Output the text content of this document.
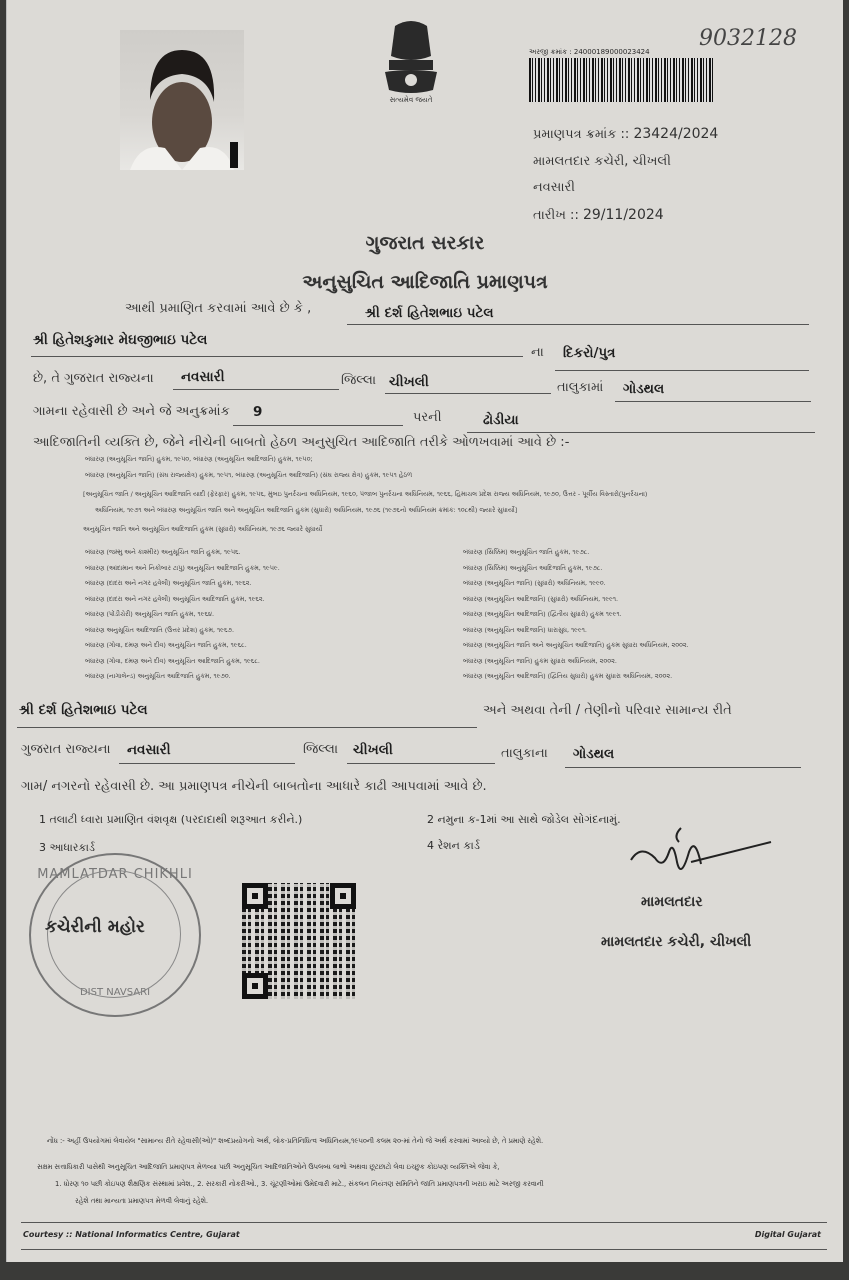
સત્યમેવ જયતે
9032128
અરજી ક્રમાંક : 24000189000023424
પ્રમાણપત્ર ક્રમાંક :: 23424/2024
મામલતદાર કચેરી, ચીખલી
નવસારી
તારીખ :: 29/11/2024
ગુજરાત સરકાર
અનુસુચિત આદિજાતિ પ્રમાણપત્ર
આથી પ્રમાણિત કરવામાં આવે છે કે ,	શ્રી દર્શ હિતેશભાઇ પટેલ
શ્રી હિતેશકુમાર મેઘજીભાઇ પટેલ
ના દિકરો/પુત્ર
છે, તે ગુજરાત રાજ્યના નવસારી	જિલ્લા ચીખલી	તાલુકામાં ગોડથલ
ગામના રહેવાસી છે અને જે અનુક્રમાંક 9	પરની	ઢોડીયા
આદિજાતિની વ્યક્તિ છે, જેને નીચેની બાબતો હેઠળ અનુસુચિત આદિજાતિ તરીકે ઓળખવામાં આવે છે :-
બંધારણ (અનુસૂચિત જાતિ) હુકમ, ૧૯૫૦, બંધારણ (અનુસૂચિત આદિજાતિ) હુકમ, ૧૯૫૦;
બંધારણ (અનુસૂચિત જાતિ) (સંઘ રાજ્યક્ષેત્ર) હુકમ, ૧૯૫૧, બંધારણ (અનુસૂચિત આદિજાતિ) (સંઘ રાજ્ય ક્ષેત્ર) હુકમ, ૧૯૫૧ હેઠળ
[અનુસૂચિત જાતિ / અનુસૂચિત આદિજાતિ યાદી (ફેરફાર) હુકમ, ૧૯૫૬, મુંબઇ પુનર્રચના અધિનિયમ, ૧૯૬૦, પંજાબ પુનર્રચના અધિનિયમ, ૧૯૬૬, હિમાચલ પ્રદેશ રાજ્ય અધિનિયમ, ૧૯૭૦, ઉત્તર - પૂર્વીય વિસ્તારો(પુનર્રચના)
અધિનિયમ, ૧૯૭૧ અને બંધારણ અનુસૂચિત જાતિ અને અનુસૂચિત આદિજાતિ હુકમ (સુધારો) અધિનિયમ, ૧૯૭૬ (૧૯૭૬નો અધિનિયમ ક્રમાંક: ૧૦૮થી) જ્યારે સુધાર્યો]
અનુસૂચિત જાતિ અને અનુસૂચિત આદિજાતિ હુકમ (સુધારો) અધિનિયમ, ૧૯૭૬ જ્યારે સુધાર્યો
બંધારણ (જમ્મુ અને કાશ્મીર) અનુસૂચિત જાતિ હુકમ, ૧૯૫૬.
બંધારણ (આંદામાન અને નિકોબાર ટાપુ) અનુસૂચિત આદિજાતિ હુકમ, ૧૯૫૯.
બંધારણ (દાદરા અને નગર હવેલી) અનુસૂચિત જાતિ હુકમ, ૧૯૬૨.
બંધારણ (દાદરા અને નગર હવેલી) અનુસૂચિત આદિજાતિ હુકમ, ૧૯૬૨.
બંધારણ (પોંડીચેરી) અનુસૂચિત જાતિ હુકમ, ૧૯૬૪.
બંધારણ અનુસૂચિત આદિજાતિ (ઉત્તર પ્રદેશ) હુકમ, ૧૯૬૭.
બંધારણ (ગોવા, દમણ અને દીવ) અનુસૂચિત જાતિ હુકમ, ૧૯૬૮.
બંધારણ (ગોવા, દમણ અને દીવ) અનુસૂચિત આદિજાતિ હુકમ, ૧૯૬૮.
બંધારણ (નાગાલેન્ડ) અનુસૂચિત આદિજાતિ હુકમ, ૧૯૭૦.
બંધારણ (સિક્કિમ) અનુસૂચિત જાતિ હુકમ, ૧૯૭૮.
બંધારણ (સિક્કિમ) અનુસૂચિત આદિજાતિ હુકમ, ૧૯૭૮.
બંધારણ (અનુસૂચિત જાતિ) (સુધારો) અધિનિયમ, ૧૯૯૦.
બંધારણ (અનુસૂચિત આદિજાતિ) (સુધારો) અધિનિયમ, ૧૯૯૧.
બંધારણ (અનુસૂચિત આદિજાતિ) (દ્વિતીય સુધારો) હુકમ ૧૯૯૧.
બંધારણ (અનુસૂચિત આદિજાતિ) ધારાસુધ, ૧૯૯૧.
બંધારણ (અનુસૂચિત જાતિ અને અનુસૂચિત આદિજાતિ) હુકમ સુધારા અધિનિયમ, ૨૦૦૨.
બંધારણ (અનુસૂચિત જાતિ) હુકમ સુધારા અધિનિયમ, ૨૦૦૨.
બંધારણ (અનુસૂચિત આદિજાતિ) (દ્વિતિય સુધારો) હુકમ સુધારા અધિનિયમ, ૨૦૦૨.
શ્રી દર્શ હિતેશભાઇ પટેલ	અને અથવા તેની / તેણીનો પરિવાર સામાન્ય રીતે
ગુજરાત રાજ્યના નવસારી	જિલ્લા ચીખલી	તાલુકાના ગોડથલ
ગામ/ નગરનો રહેવાસી છે. આ પ્રમાણપત્ર નીચેની બાબતોના આધારે કાઢી આપવામાં આવે છે.
1 તલાટી ધ્વારા પ્રમાણિત વંશવૃક્ષ (પરદાદાથી શરૂઆત કરીને.)	2 નમુના ક-1માં આ સાથે જોડેલ સોગંદનામું.
3 આધારકાર્ડ	4 રેશન કાર્ડ
MAMLATDAR CHIKHLI
DIST NAVSARI
કચેરીની મહોર
મામલતદાર
મામલતદાર કચેરી, ચીખલી
નોંધ :- અહીં ઉપયોગમાં લેવાયેલ "સામાન્ય રીતે રહેવાસી(ઓ)" શબ્દપ્રયોગનો અર્થ, લોક-પ્રતિનિધિત્વ અધિનિયમ,૧૯૫૦ની કલમ ૨૦-માં તેનો જે અર્થ કરવામાં આવ્યો છે, તે પ્રમાણે રહેશે.
સક્ષમ સત્તાધિકારી પાસેથી અનુસૂચિત આદિજાતિ પ્રમાણપત્ર મેળવ્યા પછી અનુસૂચિત આદિજાતિઓને ઉપલબ્ધ લાભો અથવા છૂટછાટો લેવા ઇચ્છુક કોઇપણ વ્યક્તિએ જેવા કે,
1. ધોરણ ૧૦ પછી કોઇપણ શૈક્ષણિક સંસ્થામાં પ્રવેશ., 2. સરકારી નોકરીઓ., 3. ચૂંટણીઓમાં ઉમેદવારી માટે., સંકલન નિયંત્રણ સમિતિને જાતિ પ્રમાણપત્રની ખરાઇ માટે અરજી કરવાની
રહેશે તથા માન્યતા પ્રમાણપત્ર મેળવી લેવાનું રહેશે.
Courtesy :: National Informatics Centre, Gujarat	Digital Gujarat
